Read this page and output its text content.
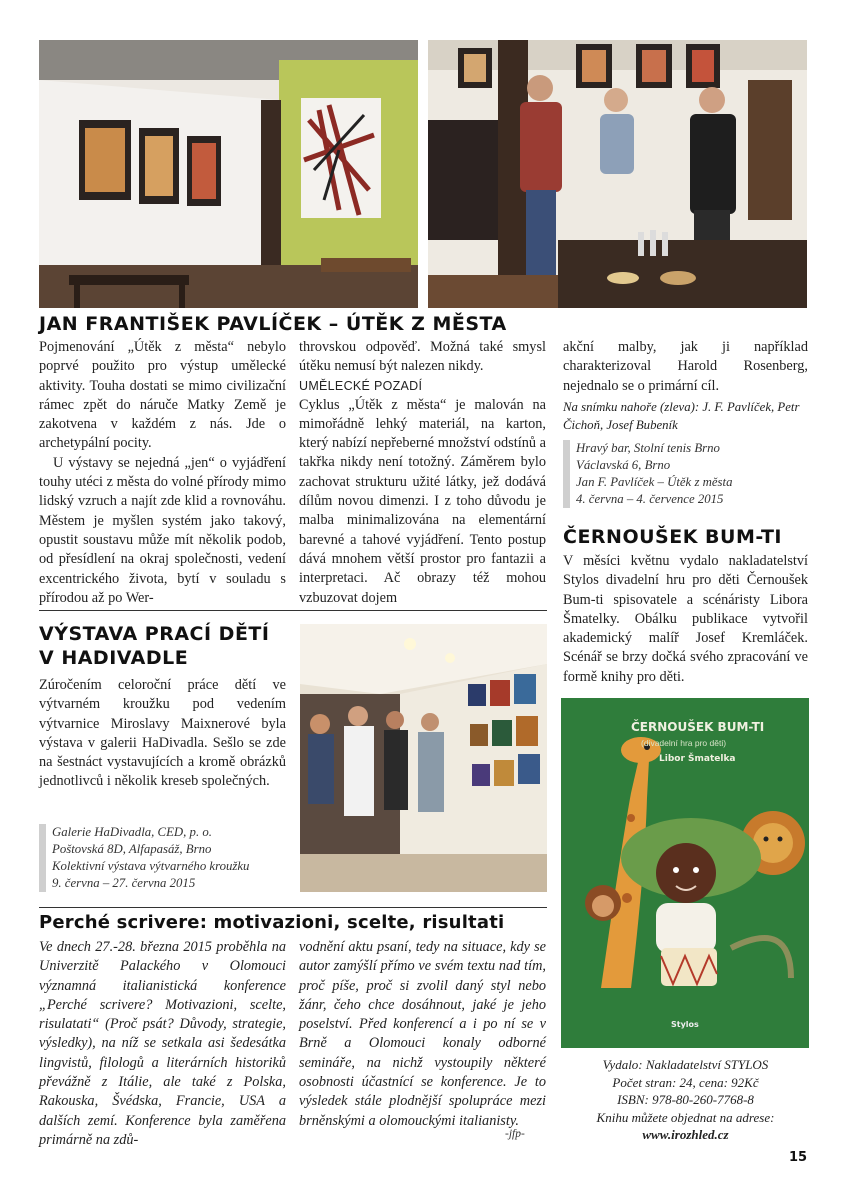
JAN FRANTIŠEK PAVLÍČEK – ÚTĚK Z MĚSTA

Pojmenování „Útěk z města“ nebylo poprvé použito pro výstup umělecké aktivity. Touha dostati se mimo civilizační rámec zpět do náruče Matky Země je zakotvena v každém z nás. Jde o archetypální pocity.

U výstavy se nejedná „jen“ o vyjádření touhy utéci z města do volné přírody mimo lidský vzruch a najít zde klid a rovnováhu. Městem je myšlen systém jako takový, opustit soustavu může mít několik podob, od přesídlení na okraj společnosti, vedení excentrického života, bytí v souladu s přírodou až po Wer-

throvskou odpověď. Možná také smysl útěku nemusí být nalezen nikdy.

UMĚLECKÉ POZADÍ

Cyklus „Útěk z města“ je malován na mimořádně lehký materiál, na karton, který nabízí nepřeberné množství odstínů a takřka nikdy není totožný. Záměrem bylo zachovat strukturu užité látky, jež dodává dílům novou dimenzi. I z toho důvodu je malba minimalizována na elementární barevné a tahové vyjádření. Tento postup dává mnohem větší prostor pro fantazii a interpretaci. Ač obrazy též mohou vzbuzovat dojem

akční malby, jak ji například charakterizoval Harold Rosenberg, nejednalo se o primární cíl.

Na snímku nahoře (zleva): J. F. Pavlíček, Petr Čichoň, Josef Bubeník

Hravý bar, Stolní tenis Brno
Václavská 6, Brno
Jan F. Pavlíček – Útěk z města
4. června – 4. července 2015
ČERNOUŠEK BUM-TI
V měsíci květnu vydalo nakladatelství Stylos divadelní hru pro děti Černoušek Bum-ti spisovatele a scénáristy Libora Šmatelky. Obálku publikace vytvořil akademický malíř Josef Kremláček. Scénář se brzy dočká svého zpracování ve formě knihy pro děti.
ČERNOUŠEK BUM-TI
(divadelní hra pro děti)
Libor Šmatelka
Stylos
Vydalo: Nakladatelství STYLOS
Počet stran: 24, cena: 92Kč
ISBN: 978-80-260-7768-8
Knihu můžete objednat na adrese:
www.irozhled.cz
VÝSTAVA PRACÍ DĚTÍ
V HADIVADLE
Zúročením celoroční práce dětí ve výtvarném kroužku pod vedením výtvarnice Miroslavy Maixnerové byla výstava v galerii HaDivadla. Sešlo se zde na šestnáct vystavujících a kromě obrázků jednotlivců i několik kreseb společných.
Galerie HaDivadla, CED, p. o.
Poštovská 8D, Alfapasáž, Brno
Kolektivní výstava výtvarného kroužku
9. června – 27. června 2015
Perché scrivere: motivazioni, scelte, risultati
Ve dnech 27.-28. března 2015 proběhla na Univerzitě Palackého v Olomouci významná italianistická konference „Perché scrivere? Motivazioni, scelte, risulatati“ (Proč psát? Důvody, strategie, výsledky), na níž se setkala asi šedesátka lingvistů, filologů a literárních historiků převážně z Itálie, ale také z Polska, Rakouska, Švédska, Francie, USA a dalších zemí. Konference byla zaměřena primárně na zdů-
vodnění aktu psaní, tedy na situace, kdy se autor zamýšlí přímo ve svém textu nad tím, proč píše, proč si zvolil daný styl nebo žánr, čeho chce dosáhnout, jaké je jeho poselství. Před konferencí a i po ní se v Brně a Olomouci konaly odborné semináře, na nichž vystoupily některé osobnosti účastnící se konference. Je to výsledek stále plodnější spolupráce mezi brněnskými a olomouckými italianisty.
-jfp-
15
